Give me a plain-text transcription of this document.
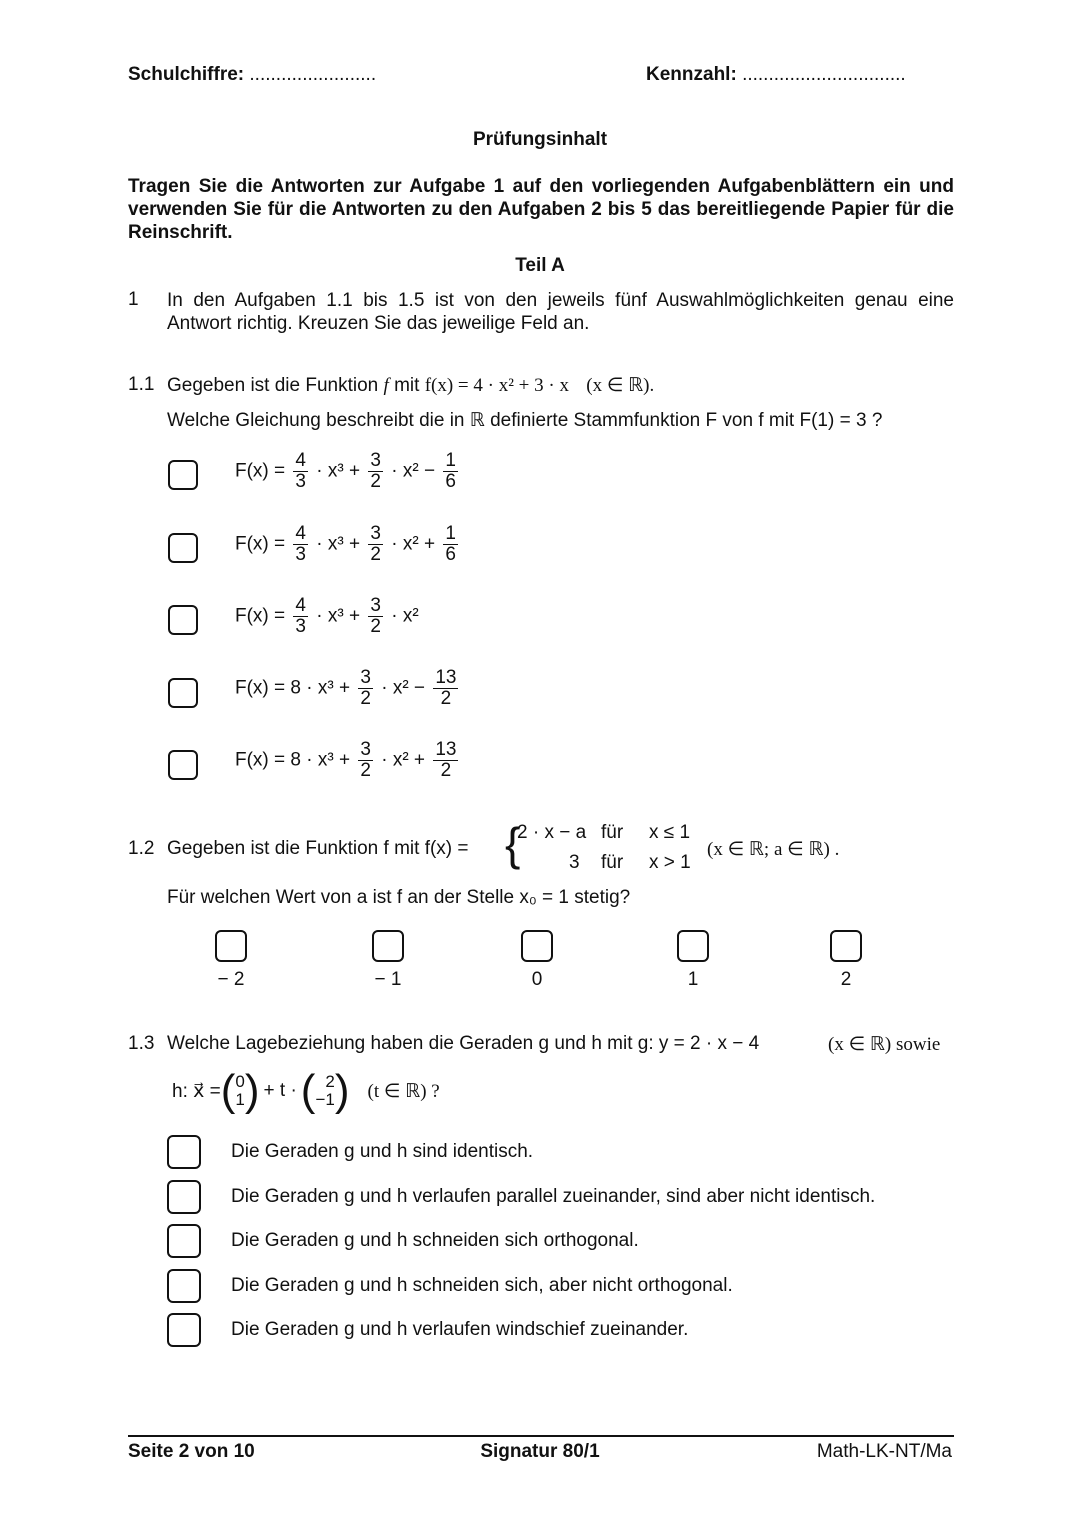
Schulchiffre: ........................	Kennzahl: ...............................
Prüfungsinhalt
Tragen Sie die Antworten zur Aufgabe 1 auf den vorliegenden Aufgabenblättern ein und verwenden Sie für die Antworten zu den Aufgaben 2 bis 5 das bereitliegende Papier für die Reinschrift.
Teil A
1 In den Aufgaben 1.1 bis 1.5 ist von den jeweils fünf Auswahlmöglichkeiten genau eine Antwort richtig. Kreuzen Sie das jeweilige Feld an.
1.1 Gegeben ist die Funktion f mit f(x) = 4 · x² + 3 · x (x ∈ ℝ).
Welche Gleichung beschreibt die in ℝ definierte Stammfunktion F von f mit F(1) = 3 ?
$F(x) = \frac{4}{3} \cdot x^3 + \frac{3}{2} \cdot x^2 - \frac{1}{6}$
$F(x) = \frac{4}{3} \cdot x^3 + \frac{3}{2} \cdot x^2 + \frac{1}{6}$
$F(x) = \frac{4}{3} \cdot x^3 + \frac{3}{2} \cdot x^2$
$F(x) = 8 \cdot x^3 + \frac{3}{2} \cdot x^2 - \frac{13}{2}$
$F(x) = 8 \cdot x^3 + \frac{3}{2} \cdot x^2 + \frac{13}{2}$
1.2 Gegeben ist die Funktion f mit f(x) = {
2 · x − a für x ≤ 1
3 für x > 1
(x ∈ ℝ; a ∈ ℝ) .
Für welchen Wert von a ist f an der Stelle x₀ = 1 stetig?
− 2	− 1	0	1	2
1.3 Welche Lagebeziehung haben die Geraden g und h mit g: y = 2 · x − 4	(x ∈ ℝ) sowie
h: x⃗ = ( 0
1 ) + t · ( 2
−1 ) (t ∈ ℝ) ?
Die Geraden g und h sind identisch.
Die Geraden g und h verlaufen parallel zueinander, sind aber nicht identisch.
Die Geraden g und h schneiden sich orthogonal.
Die Geraden g und h schneiden sich, aber nicht orthogonal.
Die Geraden g und h verlaufen windschief zueinander.
Seite 2 von 10	Signatur 80/1	Math-LK-NT/Ma
